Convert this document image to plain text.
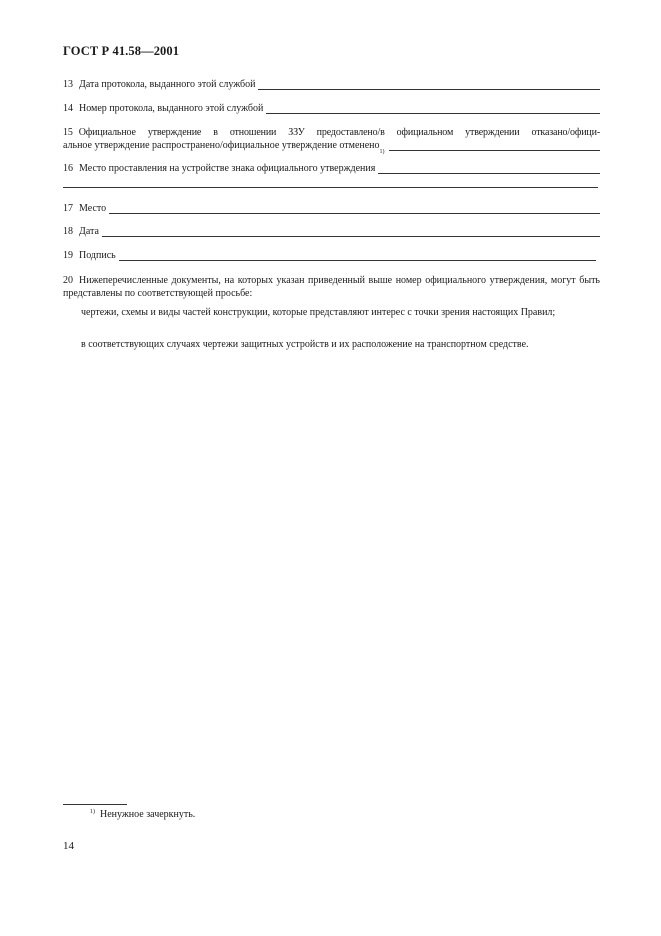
ГОСТ Р 41.58—2001
13 Дата протокола, выданного этой службой
14 Номер протокола, выданного этой службой
15 Официальное утверждение в отношении ЗЗУ предоставлено/в официальном утверждении отказано/офици-
альное утверждение распространено/официальное утверждение отменено
1)
16 Место проставления на устройстве знака официального утверждения
17 Место
18 Дата
19 Подпись
20 Нижеперечисленные документы, на которых указан приведенный выше номер официального утверждения, могут быть представлены по соответствующей просьбе:
чертежи, схемы и виды частей конструкции, которые представляют интерес с точки зрения настоящих Правил;
в соответствующих случаях чертежи защитных устройств и их расположение на транспортном средстве.
$^{1)}$ Ненужное зачеркнуть.
14
